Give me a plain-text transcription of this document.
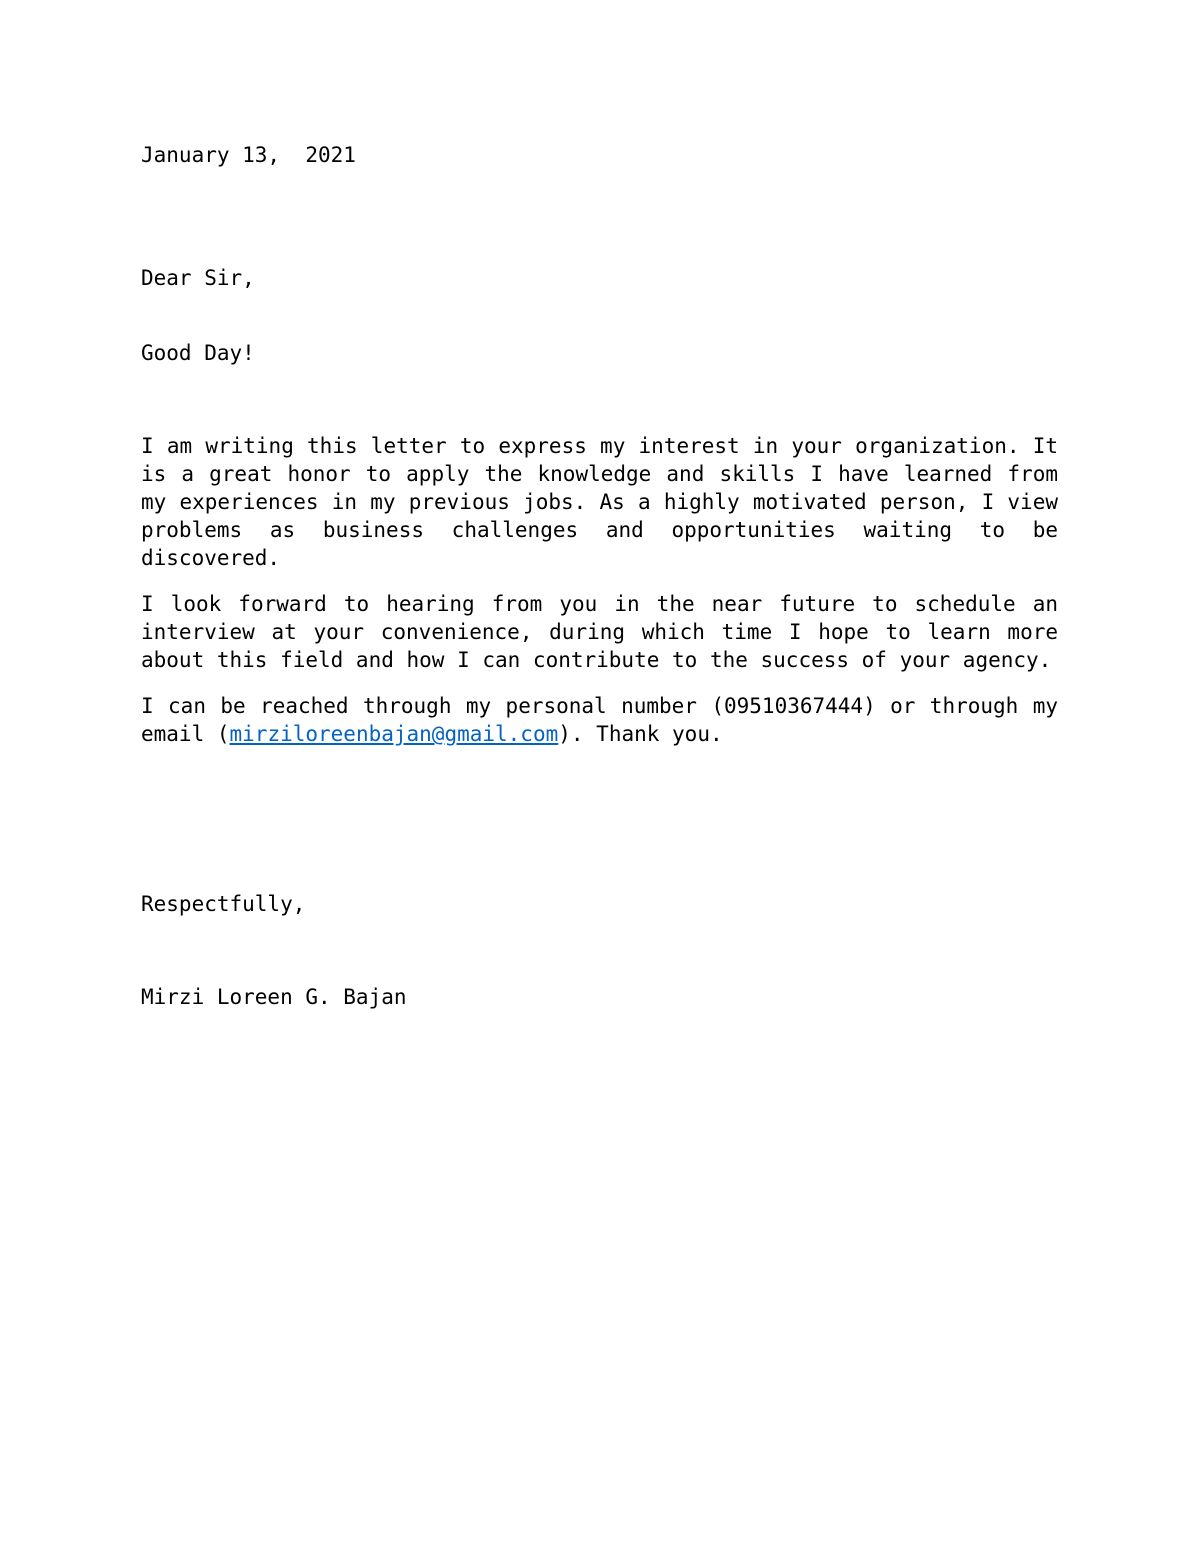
January 13,  2021

Dear Sir,

Good Day!

I am writing this letter to express my interest in your organization. It is a great honor to apply the knowledge and skills I have learned from my experiences in my previous jobs. As a highly motivated person, I view problems as business challenges and opportunities waiting to be discovered.

I look forward to hearing from you in the near future to schedule an interview at your convenience, during which time I hope to learn more about this field and how I can contribute to the success of your agency.

I can be reached through my personal number (09510367444) or through my email (mirziloreenbajan@gmail.com). Thank you.

Respectfully,

Mirzi Loreen G. Bajan
